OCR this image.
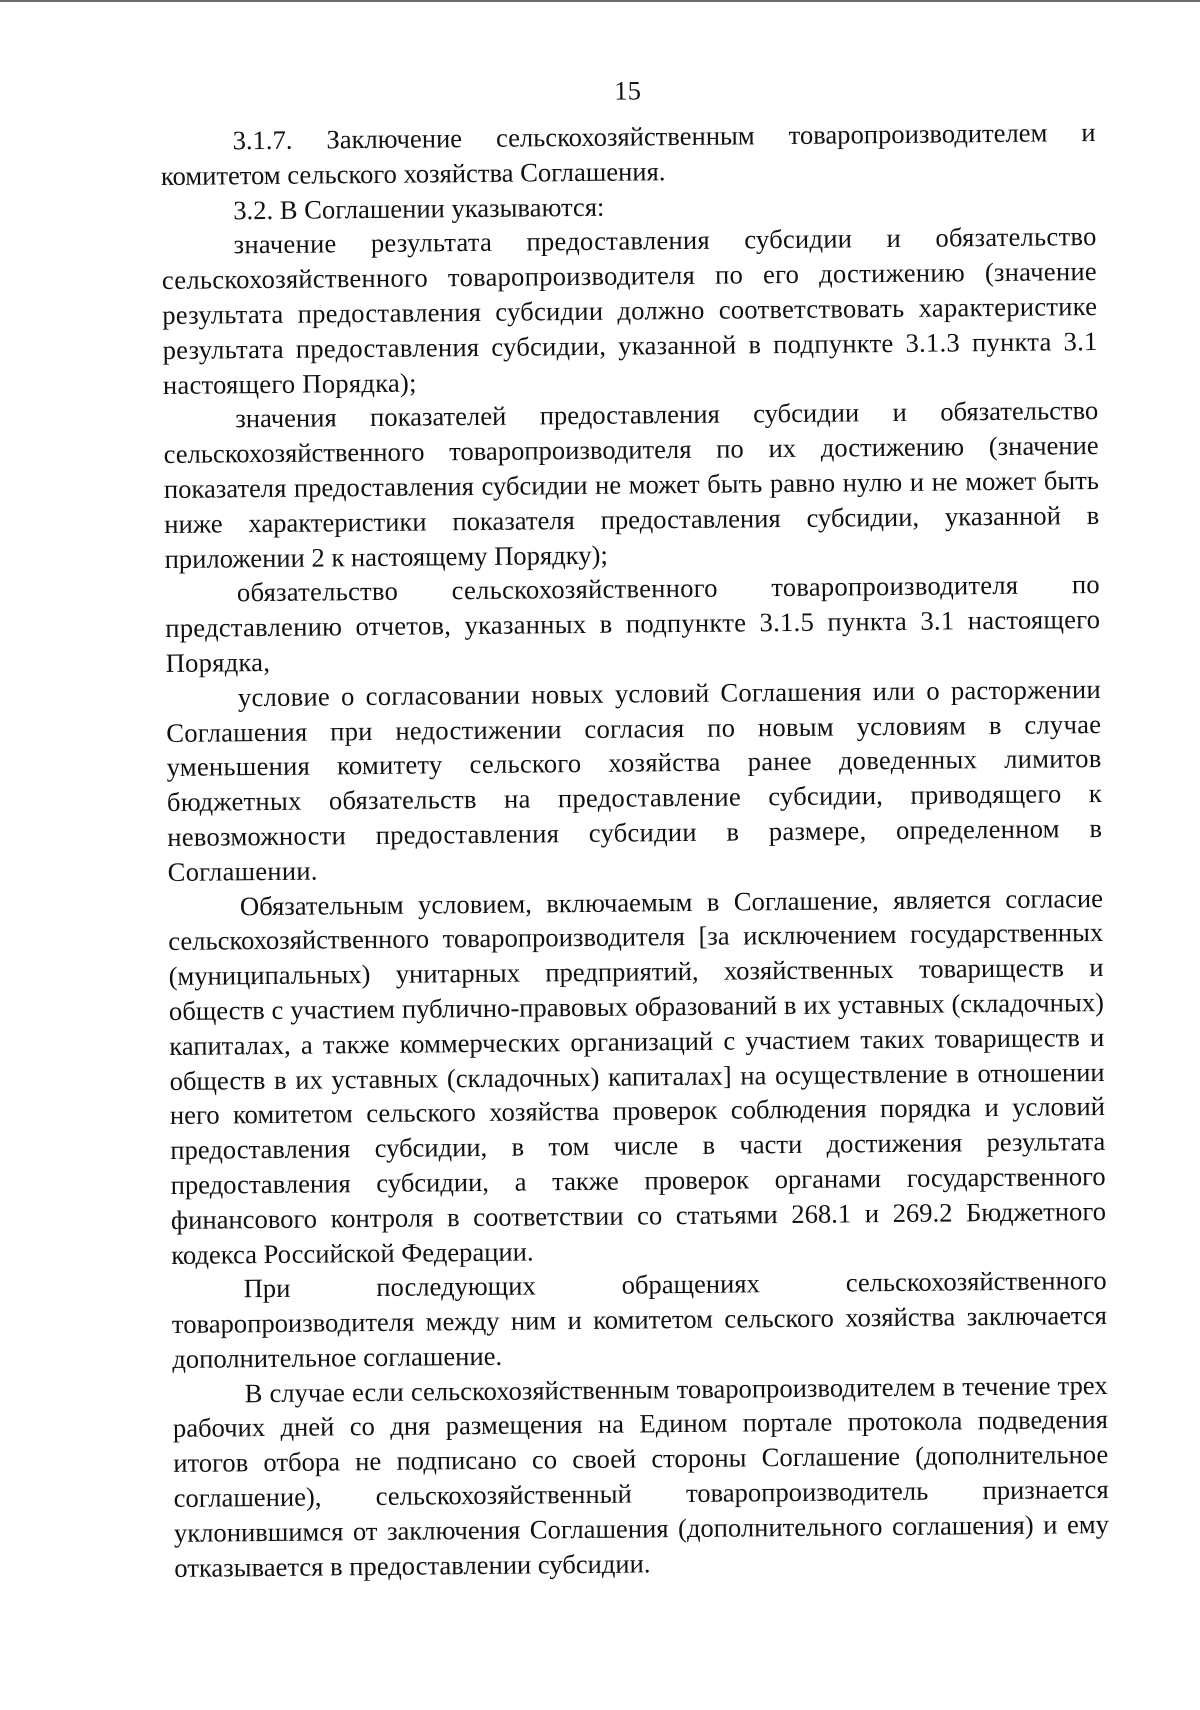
15

3.1.7. Заключение сельскохозяйственным товаропроизводителем и комитетом сельского хозяйства Соглашения.

3.2. В Соглашении указываются:

значение результата предоставления субсидии и обязательство сельскохозяйственного товаропроизводителя по его достижению (значение результата предоставления субсидии должно соответствовать характеристике результата предоставления субсидии, указанной в подпункте 3.1.3 пункта 3.1 настоящего Порядка);

значения показателей предоставления субсидии и обязательство сельскохозяйственного товаропроизводителя по их достижению (значение показателя предоставления субсидии не может быть равно нулю и не может быть ниже характеристики показателя предоставления субсидии, указанной в приложении 2 к настоящему Порядку);

обязательство сельскохозяйственного товаропроизводителя по представлению отчетов, указанных в подпункте 3.1.5 пункта 3.1 настоящего Порядка,

условие о согласовании новых условий Соглашения или о расторжении Соглашения при недостижении согласия по новым условиям в случае уменьшения комитету сельского хозяйства ранее доведенных лимитов бюджетных обязательств на предоставление субсидии, приводящего к невозможности предоставления субсидии в размере, определенном в Соглашении.

Обязательным условием, включаемым в Соглашение, является согласие сельскохозяйственного товаропроизводителя [за исключением государственных (муниципальных) унитарных предприятий, хозяйственных товариществ и обществ с участием публично-правовых образований в их уставных (складочных) капиталах, а также коммерческих организаций с участием таких товариществ и обществ в их уставных (складочных) капиталах] на осуществление в отношении него комитетом сельского хозяйства проверок соблюдения порядка и условий предоставления субсидии, в том числе в части достижения результата предоставления субсидии, а также проверок органами государственного финансового контроля в соответствии со статьями 268.1 и 269.2 Бюджетного кодекса Российской Федерации.

При последующих обращениях сельскохозяйственного товаропроизводителя между ним и комитетом сельского хозяйства заключается дополнительное соглашение.

В случае если сельскохозяйственным товаропроизводителем в течение трех рабочих дней со дня размещения на Едином портале протокола подведения итогов отбора не подписано со своей стороны Соглашение (дополнительное соглашение), сельскохозяйственный товаропроизводитель признается уклонившимся от заключения Соглашения (дополнительного соглашения) и ему отказывается в предоставлении субсидии.
